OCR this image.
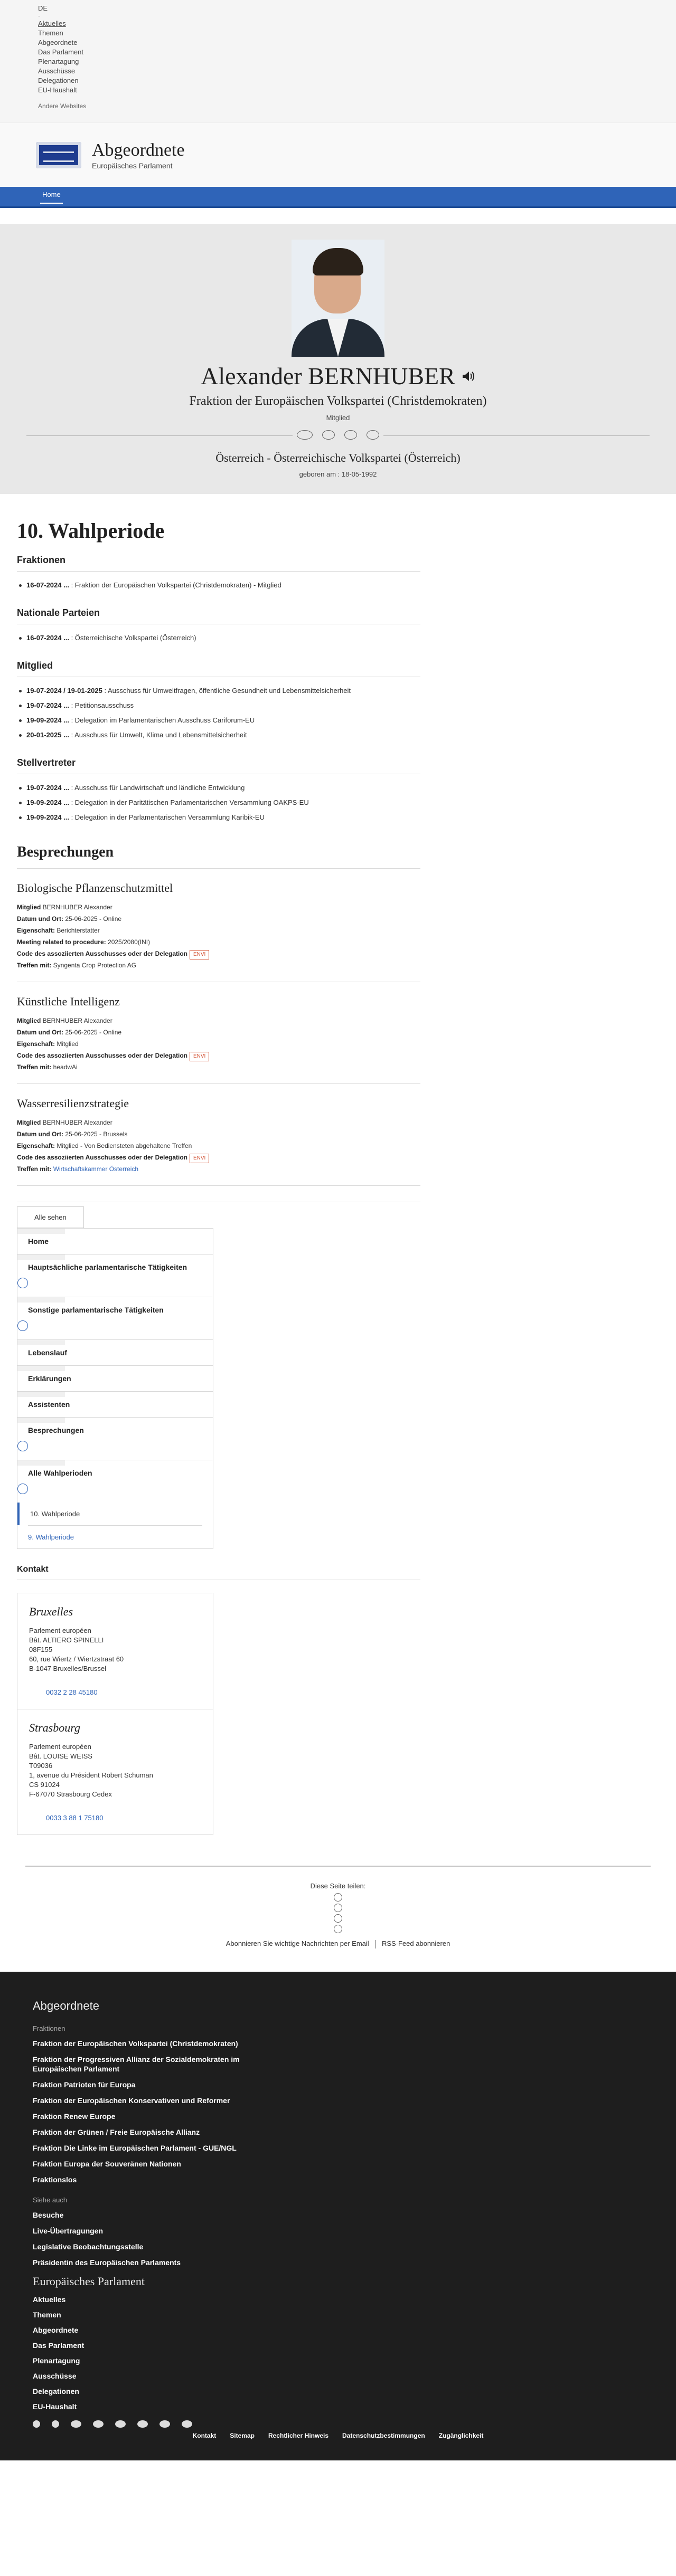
DE
-
Aktuelles
Themen
Abgeordnete
Das Parlament
Plenartagung
Ausschüsse
Delegationen
EU-Haushalt
Andere Websites
Abgeordnete
Europäisches Parlament
Home
Alexander BERNHUBER
Fraktion der Europäischen Volkspartei (Christdemokraten)
Mitglied
Österreich - Österreichische Volkspartei (Österreich)
geboren am : 18-05-1992
10. Wahlperiode
Fraktionen
16-07-2024 ... : Fraktion der Europäischen Volkspartei (Christdemokraten) - Mitglied
Nationale Parteien
16-07-2024 ... : Österreichische Volkspartei (Österreich)
Mitglied
19-07-2024 / 19-01-2025 : Ausschuss für Umweltfragen, öffentliche Gesundheit und Lebensmittelsicherheit
19-07-2024 ... : Petitionsausschuss
19-09-2024 ... : Delegation im Parlamentarischen Ausschuss Cariforum-EU
20-01-2025 ... : Ausschuss für Umwelt, Klima und Lebensmittelsicherheit
Stellvertreter
19-07-2024 ... : Ausschuss für Landwirtschaft und ländliche Entwicklung
19-09-2024 ... : Delegation in der Paritätischen Parlamentarischen Versammlung OAKPS-EU
19-09-2024 ... : Delegation in der Parlamentarischen Versammlung Karibik-EU
Besprechungen
Biologische Pflanzenschutzmittel

Mitglied BERNHUBER Alexander

Datum und Ort: 25-06-2025 - Online

Eigenschaft: Berichterstatter

Meeting related to procedure: 2025/2080(INI)

Code des assoziierten Ausschusses oder der Delegation ENVI

Treffen mit: Syngenta Crop Protection AG

Künstliche Intelligenz

Mitglied BERNHUBER Alexander

Datum und Ort: 25-06-2025 - Online

Eigenschaft: Mitglied

Code des assoziierten Ausschusses oder der Delegation ENVI

Treffen mit: headwAi

Wasserresilienzstrategie

Mitglied BERNHUBER Alexander

Datum und Ort: 25-06-2025 - Brussels

Eigenschaft: Mitglied - Von Bediensteten abgehaltene Treffen

Code des assoziierten Ausschusses oder der Delegation ENVI

Treffen mit: Wirtschaftskammer Österreich

Alle sehen
Home
Hauptsächliche parlamentarische Tätigkeiten
Sonstige parlamentarische Tätigkeiten
Lebenslauf
Erklärungen
Assistenten
Besprechungen
Alle Wahlperioden
10. Wahlperiode
9. Wahlperiode
Kontakt
Bruxelles

Parlement européen

Bât. ALTIERO SPINELLI

08F155

60, rue Wiertz / Wiertzstraat 60

B-1047 Bruxelles/Brussel

0032 2 28 45180
Strasbourg

Parlement européen

Bât. LOUISE WEISS

T09036

1, avenue du Président Robert Schuman

CS 91024

F-67070 Strasbourg Cedex

0033 3 88 1 75180
Diese Seite teilen:
Abonnieren Sie wichtige Nachrichten per Email RSS-Feed abonnieren
Abgeordnete
Fraktionen
Fraktion der Europäischen Volkspartei (Christdemokraten)
Fraktion der Progressiven Allianz der Sozialdemokraten im Europäischen Parlament
Fraktion Patrioten für Europa
Fraktion der Europäischen Konservativen und Reformer
Fraktion Renew Europe
Fraktion der Grünen / Freie Europäische Allianz
Fraktion Die Linke im Europäischen Parlament - GUE/NGL
Fraktion Europa der Souveränen Nationen
Fraktionslos
Siehe auch
Besuche
Live-Übertragungen
Legislative Beobachtungsstelle
Präsidentin des Europäischen Parlaments
Europäisches Parlament
Aktuelles
Themen
Abgeordnete
Das Parlament
Plenartagung
Ausschüsse
Delegationen
EU-Haushalt
Kontakt Sitemap Rechtlicher Hinweis Datenschutzbestimmungen Zugänglichkeit
